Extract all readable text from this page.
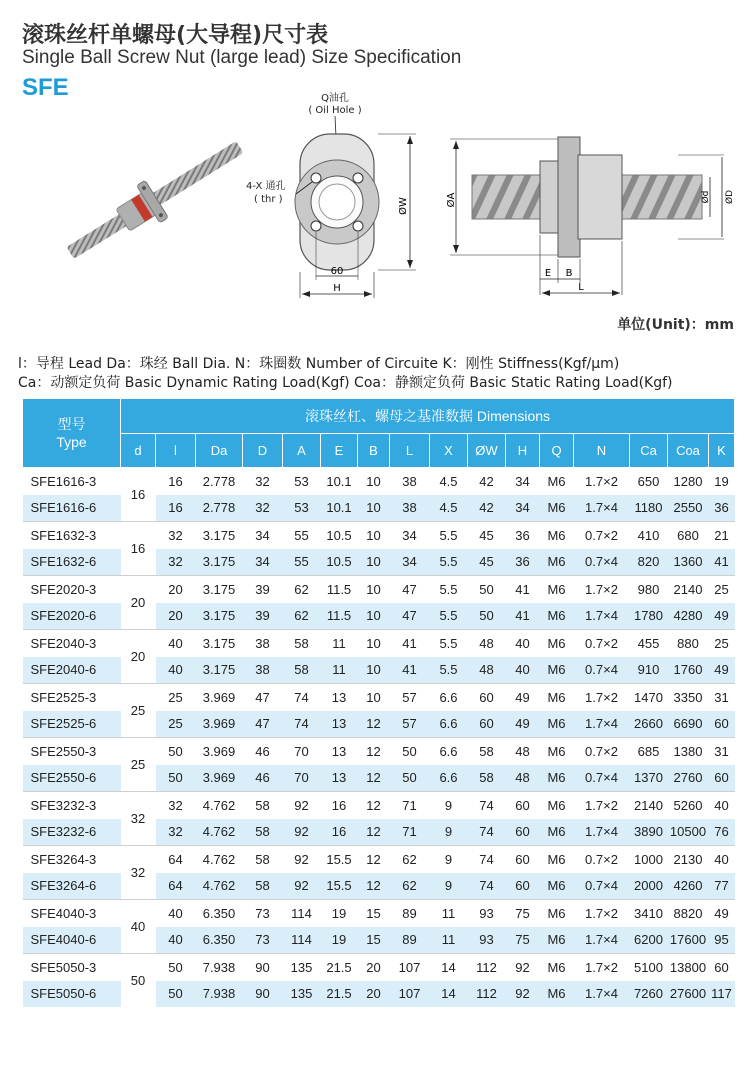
滚珠丝杆单螺母(大导程)尺寸表
Single Ball Screw Nut (large lead) Size Specification
SFE	Q油孔
( Oil Hole )
4-X 通孔
( thr )	ØW
60
H
ØA	Ød ØD
E B
L
单位(Unit)：mm
l：导程 Lead Da：珠经 Ball Dia. N：珠圈数 Number of Circuite K：刚性 Stiffness(Kgf/μm)
Ca：动额定负荷 Basic Dynamic Rating Load(Kgf) Coa：静额定负荷 Basic Static Rating Load(Kgf)
型号
Type	滚珠丝杠、螺母之基准数据 Dimensions															
	d	l	Da	D	A	E	B	L	X	ØW	H	Q	N	Ca	Coa	K
SFE1616-3	16	16	2.778	32	53	10.1	10	38	4.5	42	34	M6	1.7×2	650	1280	19
SFE1616-6		16	2.778	32	53	10.1	10	38	4.5	42	34	M6	1.7×4	1180	2550	36
SFE1632-3	16	32	3.175	34	55	10.5	10	34	5.5	45	36	M6	0.7×2	410	680	21
SFE1632-6		32	3.175	34	55	10.5	10	34	5.5	45	36	M6	0.7×4	820	1360	41
SFE2020-3	20	20	3.175	39	62	11.5	10	47	5.5	50	41	M6	1.7×2	980	2140	25
SFE2020-6		20	3.175	39	62	11.5	10	47	5.5	50	41	M6	1.7×4	1780	4280	49
SFE2040-3	20	40	3.175	38	58	11	10	41	5.5	48	40	M6	0.7×2	455	880	25
SFE2040-6		40	3.175	38	58	11	10	41	5.5	48	40	M6	0.7×4	910	1760	49
SFE2525-3	25	25	3.969	47	74	13	10	57	6.6	60	49	M6	1.7×2	1470	3350	31
SFE2525-6		25	3.969	47	74	13	12	57	6.6	60	49	M6	1.7×4	2660	6690	60
SFE2550-3	25	50	3.969	46	70	13	12	50	6.6	58	48	M6	0.7×2	685	1380	31
SFE2550-6		50	3.969	46	70	13	12	50	6.6	58	48	M6	0.7×4	1370	2760	60
SFE3232-3	32	32	4.762	58	92	16	12	71	9	74	60	M6	1.7×2	2140	5260	40
SFE3232-6		32	4.762	58	92	16	12	71	9	74	60	M6	1.7×4	3890	10500	76
SFE3264-3	32	64	4.762	58	92	15.5	12	62	9	74	60	M6	0.7×2	1000	2130	40
SFE3264-6		64	4.762	58	92	15.5	12	62	9	74	60	M6	0.7×4	2000	4260	77
SFE4040-3	40	40	6.350	73	114	19	15	89	11	93	75	M6	1.7×2	3410	8820	49
SFE4040-6		40	6.350	73	114	19	15	89	11	93	75	M6	1.7×4	6200	17600	95
SFE5050-3	50	50	7.938	90	135	21.5	20	107	14	112	92	M6	1.7×2	5100	13800	60
SFE5050-6		50	7.938	90	135	21.5	20	107	14	112	92	M6	1.7×4	7260	27600	117
